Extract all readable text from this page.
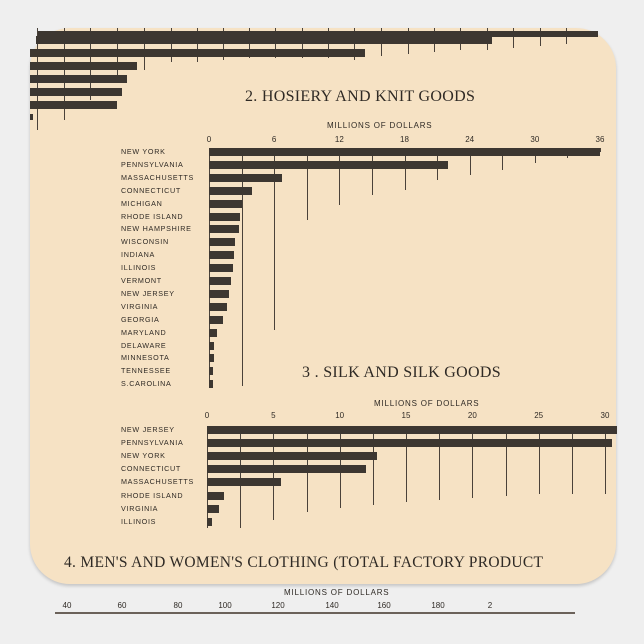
2. HOSIERY AND KNIT GOODS
MILLIONS OF DOLLARS
0	6	12	18	24	30	36
NEW YORK
PENNSYLVANIA
MASSACHUSETTS
CONNECTICUT
MICHIGAN
RHODE ISLAND
NEW HAMPSHIRE
WISCONSIN
INDIANA
ILLINOIS
VERMONT
NEW JERSEY
VIRGINIA
GEORGIA
MARYLAND
DELAWARE
MINNESOTA
TENNESSEE
S.CAROLINA
3 . SILK AND SILK GOODS
MILLIONS OF DOLLARS
0	5	10	15	20	25	30
NEW JERSEY
PENNSYLVANIA
NEW YORK
CONNECTICUT
MASSACHUSETTS
RHODE ISLAND
VIRGINIA
ILLINOIS
4. MEN'S AND WOMEN'S CLOTHING (TOTAL FACTORY PRODUCT
MILLIONS OF DOLLARS
40	60	80	100	120	140	160	180	2
